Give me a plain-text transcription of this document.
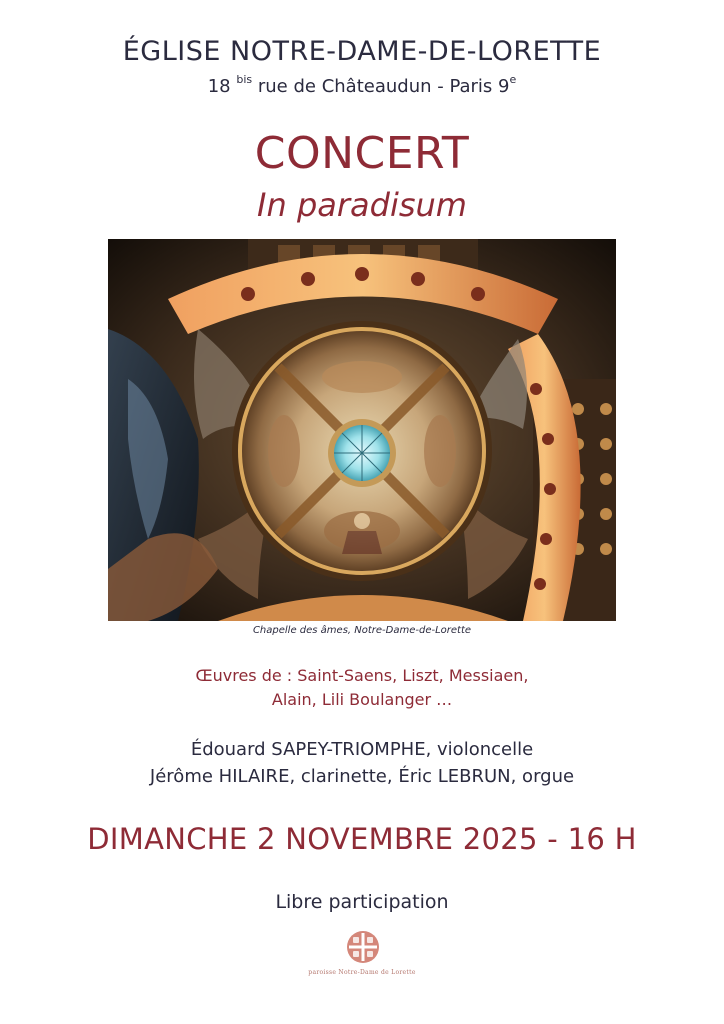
ÉGLISE NOTRE-DAME-DE-LORETTE
18 $^{bis}$ rue de Châteaudun - Paris 9e
CONCERT
In paradisum
Chapelle des âmes, Notre-Dame-de-Lorette
Œuvres de : Saint-Saens, Liszt, Messiaen,
Alain, Lili Boulanger …
Édouard SAPEY-TRIOMPHE, violoncelle
Jérôme HILAIRE, clarinette, Éric LEBRUN, orgue
DIMANCHE 2 NOVEMBRE 2025 - 16 H
Libre participation
paroisse Notre-Dame de Lorette
